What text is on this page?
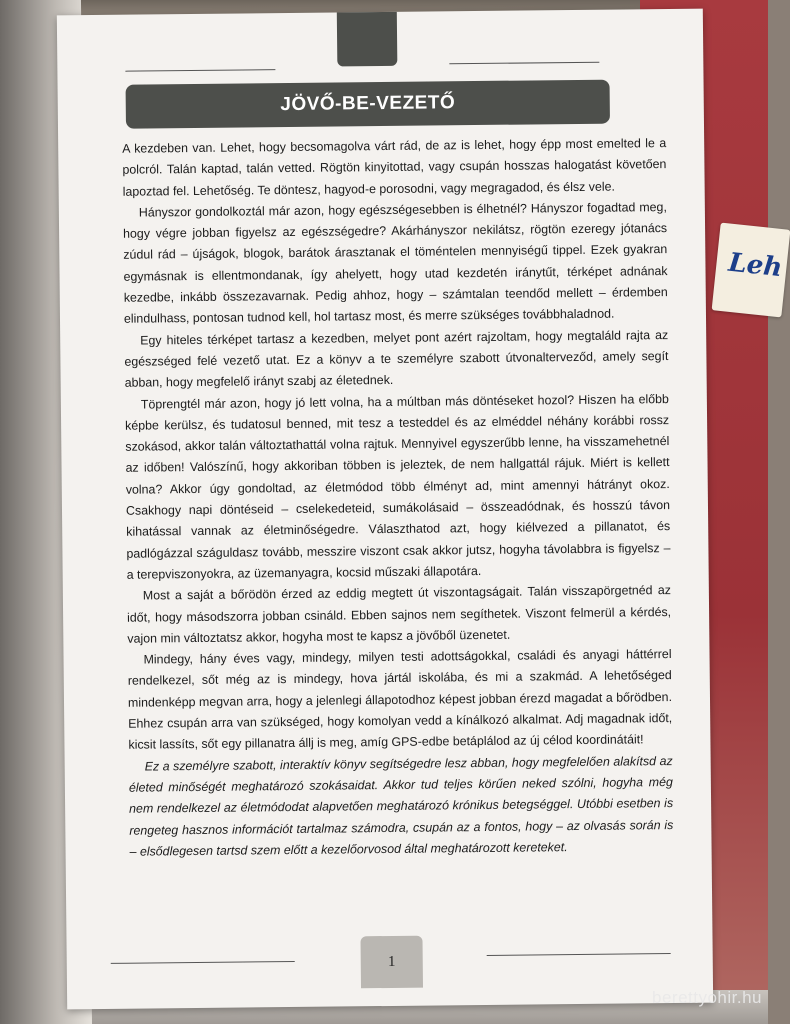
Leh
JÖVŐ-BE-VEZETŐ

A kezdeben van. Lehet, hogy becsomagolva várt rád, de az is lehet, hogy épp most emelted le a polcról. Talán kaptad, talán vetted. Rögtön kinyitottad, vagy csupán hosszas halogatást követően lapoztad fel. Lehetőség. Te döntesz, hagyod-e porosodni, vagy megragadod, és élsz vele.

Hányszor gondolkoztál már azon, hogy egészségesebben is élhetnél? Hányszor fogadtad meg, hogy végre jobban figyelsz az egészségedre? Akárhányszor nekilátsz, rögtön ezeregy jótanács zúdul rád – újságok, blogok, barátok árasztanak el töméntelen mennyiségű tippel. Ezek gyakran egymásnak is ellentmondanak, így ahelyett, hogy utad kezdetén iránytűt, térképet adnának kezedbe, inkább összezavarnak. Pedig ahhoz, hogy – számtalan teendőd mellett – érdemben elindulhass, pontosan tudnod kell, hol tartasz most, és merre szükséges továbbhaladnod.

Egy hiteles térképet tartasz a kezedben, melyet pont azért rajzoltam, hogy megtaláld rajta az egészséged felé vezető utat. Ez a könyv a te személyre szabott útvonalterveződ, amely segít abban, hogy megfelelő irányt szabj az életednek.

Töprengtél már azon, hogy jó lett volna, ha a múltban más döntéseket hozol? Hiszen ha előbb képbe kerülsz, és tudatosul benned, mit tesz a testeddel és az elméddel néhány korábbi rossz szokásod, akkor talán változtathattál volna rajtuk. Mennyivel egyszerűbb lenne, ha visszamehetnél az időben! Valószínű, hogy akkoriban többen is jeleztek, de nem hallgattál rájuk. Miért is kellett volna? Akkor úgy gondoltad, az életmódod több élményt ad, mint amennyi hátrányt okoz. Csakhogy napi döntéseid – cselekedeteid, sumákolásaid – összeadódnak, és hosszú távon kihatással vannak az életminőségedre. Választhatod azt, hogy kiélvezed a pillanatot, és padlógázzal száguldasz tovább, messzire viszont csak akkor jutsz, hogyha távolabbra is figyelsz – a terepviszonyokra, az üzemanyagra, kocsid műszaki állapotára.

Most a saját a bőrödön érzed az eddig megtett út viszontagságait. Talán visszapörgetnéd az időt, hogy másodszorra jobban csináld. Ebben sajnos nem segíthetek. Viszont felmerül a kérdés, vajon min változtatsz akkor, hogyha most te kapsz a jövőből üzenetet.

Mindegy, hány éves vagy, mindegy, milyen testi adottságokkal, családi és anyagi háttérrel rendelkezel, sőt még az is mindegy, hova jártál iskolába, és mi a szakmád. A lehetőséged mindenképp megvan arra, hogy a jelenlegi állapotodhoz képest jobban érezd magadat a bőrödben. Ehhez csupán arra van szükséged, hogy komolyan vedd a kínálkozó alkalmat. Adj magadnak időt, kicsit lassíts, sőt egy pillanatra állj is meg, amíg GPS-edbe betáplálod az új célod koordinátáit!

Ez a személyre szabott, interaktív könyv segítségedre lesz abban, hogy megfelelően alakítsd az életed minőségét meghatározó szokásaidat. Akkor tud teljes körűen neked szólni, hogyha még nem rendelkezel az életmódodat alapvetően meghatározó krónikus betegséggel. Utóbbi esetben is rengeteg hasznos információt tartalmaz számodra, csupán az a fontos, hogy – az olvasás során is – elsődlegesen tartsd szem előtt a kezelőorvosod által meghatározott kereteket.

1
berettyohir.hu
